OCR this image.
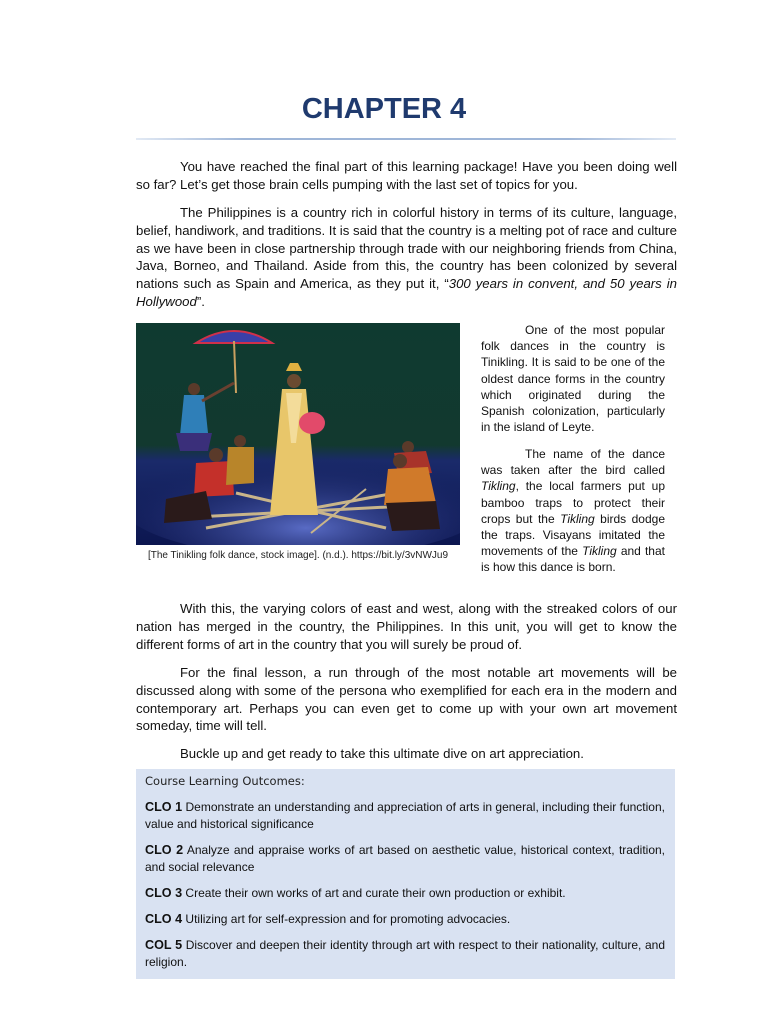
CHAPTER 4

You have reached the final part of this learning package! Have you been doing well so far? Let’s get those brain cells pumping with the last set of topics for you.

The Philippines is a country rich in colorful history in terms of its culture, language, belief, handiwork, and traditions. It is said that the country is a melting pot of race and culture as we have been in close partnership through trade with our neighboring friends from China, Java, Borneo, and Thailand. Aside from this, the country has been colonized by several nations such as Spain and America, as they put it, “300 years in convent, and 50 years in Hollywood”.

[The Tinikling folk dance, stock image]. (n.d.). https://bit.ly/3vNWJu9

One of the most popular folk dances in the country is Tinikling. It is said to be one of the oldest dance forms in the country which originated during the Spanish colonization, particularly in the island of Leyte.

The name of the dance was taken after the bird called Tikling, the local farmers put up bamboo traps to protect their crops but the Tikling birds dodge the traps. Visayans imitated the movements of the Tikling and that is how this dance is born.

With this, the varying colors of east and west, along with the streaked colors of our nation has merged in the country, the Philippines. In this unit, you will get to know the different forms of art in the country that you will surely be proud of.

For the final lesson, a run through of the most notable art movements will be discussed along with some of the persona who exemplified for each era in the modern and contemporary art. Perhaps you can even get to come up with your own art movement someday, time will tell.

Buckle up and get ready to take this ultimate dive on art appreciation.

Course Learning Outcomes:

CLO 1 Demonstrate an understanding and appreciation of arts in general, including their function, value and historical significance

CLO 2 Analyze and appraise works of art based on aesthetic value, historical context, tradition, and social relevance

CLO 3 Create their own works of art and curate their own production or exhibit.

CLO 4 Utilizing art for self-expression and for promoting advocacies.

COL 5 Discover and deepen their identity through art with respect to their nationality, culture, and religion.
